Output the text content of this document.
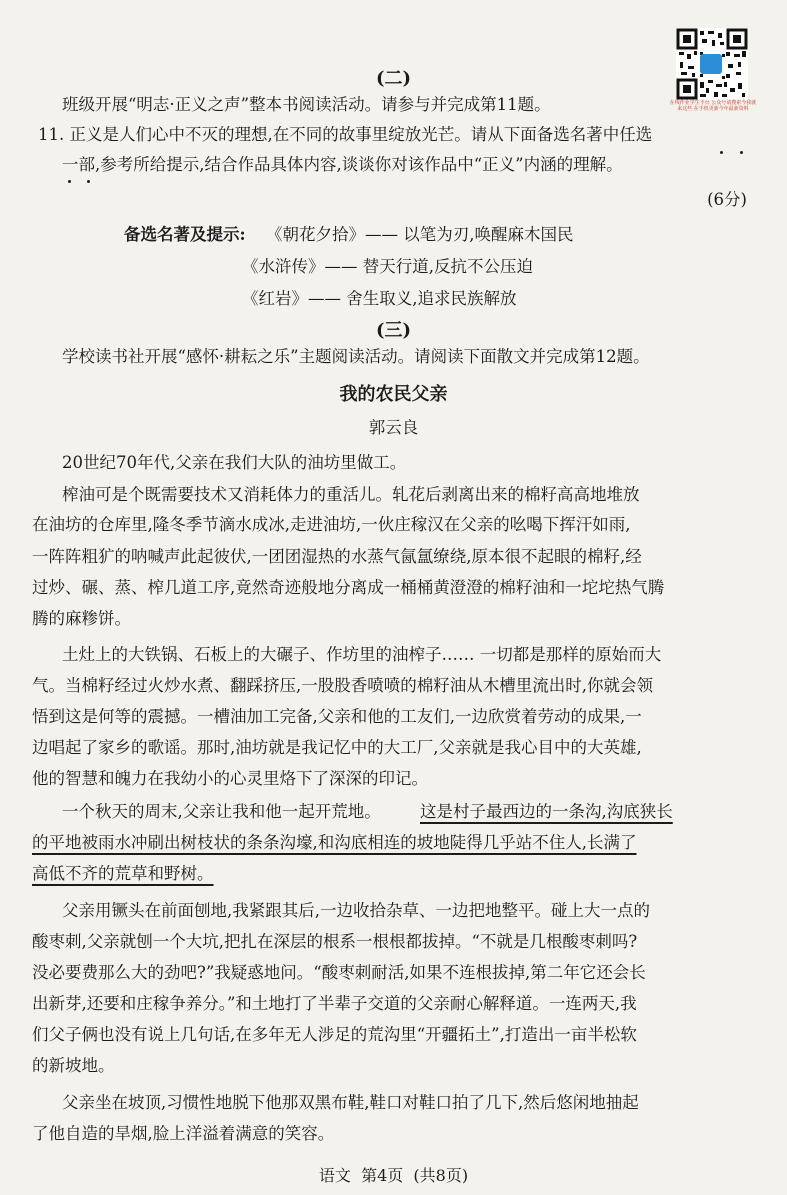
在线作业学生平台 公众号请搜索今我就来这些 在手机更新今年最新资料
(二)
班级开展“明志·正义之声”整本书阅读活动。请参与并完成第11题。
11. 正义是人们心中不灭的理想,在不同的故事里绽放光芒。请从下面备选名著中任选
一部,参考所给提示,结合作品具体内容,谈谈你对该作品中“正义”内涵的理解。
(6分)
备选名著及提示: 《朝花夕拾》—— 以笔为刃,唤醒麻木国民
《水浒传》—— 替天行道,反抗不公压迫
《红岩》—— 舍生取义,追求民族解放
(三)
学校读书社开展“感怀·耕耘之乐”主题阅读活动。请阅读下面散文并完成第12题。
我的农民父亲
郭云良
20世纪70年代,父亲在我们大队的油坊里做工。
榨油可是个既需要技术又消耗体力的重活儿。轧花后剥离出来的棉籽高高地堆放
在油坊的仓库里,隆冬季节滴水成冰,走进油坊,一伙庄稼汉在父亲的吆喝下挥汗如雨,
一阵阵粗犷的呐喊声此起彼伏,一团团湿热的水蒸气氤氲缭绕,原本很不起眼的棉籽,经
过炒、碾、蒸、榨几道工序,竟然奇迹般地分离成一桶桶黄澄澄的棉籽油和一坨坨热气腾
腾的麻糁饼。
土灶上的大铁锅、石板上的大碾子、作坊里的油榨子…… 一切都是那样的原始而大
气。当棉籽经过火炒水煮、翻踩挤压,一股股香喷喷的棉籽油从木槽里流出时,你就会领
悟到这是何等的震撼。一槽油加工完备,父亲和他的工友们,一边欣赏着劳动的成果,一
边唱起了家乡的歌谣。那时,油坊就是我记忆中的大工厂,父亲就是我心目中的大英雄,
他的智慧和魄力在我幼小的心灵里烙下了深深的印记。
一个秋天的周末,父亲让我和他一起开荒地。 这是村子最西边的一条沟,沟底狭长
的平地被雨水冲刷出树枝状的条条沟壕,和沟底相连的坡地陡得几乎站不住人,长满了
高低不齐的荒草和野树。
父亲用镢头在前面刨地,我紧跟其后,一边收拾杂草、一边把地整平。碰上大一点的
酸枣刺,父亲就刨一个大坑,把扎在深层的根系一根根都拔掉。“不就是几根酸枣刺吗?
没必要费那么大的劲吧?”我疑惑地问。“酸枣刺耐活,如果不连根拔掉,第二年它还会长
出新芽,还要和庄稼争养分。”和土地打了半辈子交道的父亲耐心解释道。一连两天,我
们父子俩也没有说上几句话,在多年无人涉足的荒沟里“开疆拓土”,打造出一亩半松软
的新坡地。
父亲坐在坡顶,习惯性地脱下他那双黑布鞋,鞋口对鞋口拍了几下,然后悠闲地抽起
了他自造的旱烟,脸上洋溢着满意的笑容。
语文  第4页  (共8页)
